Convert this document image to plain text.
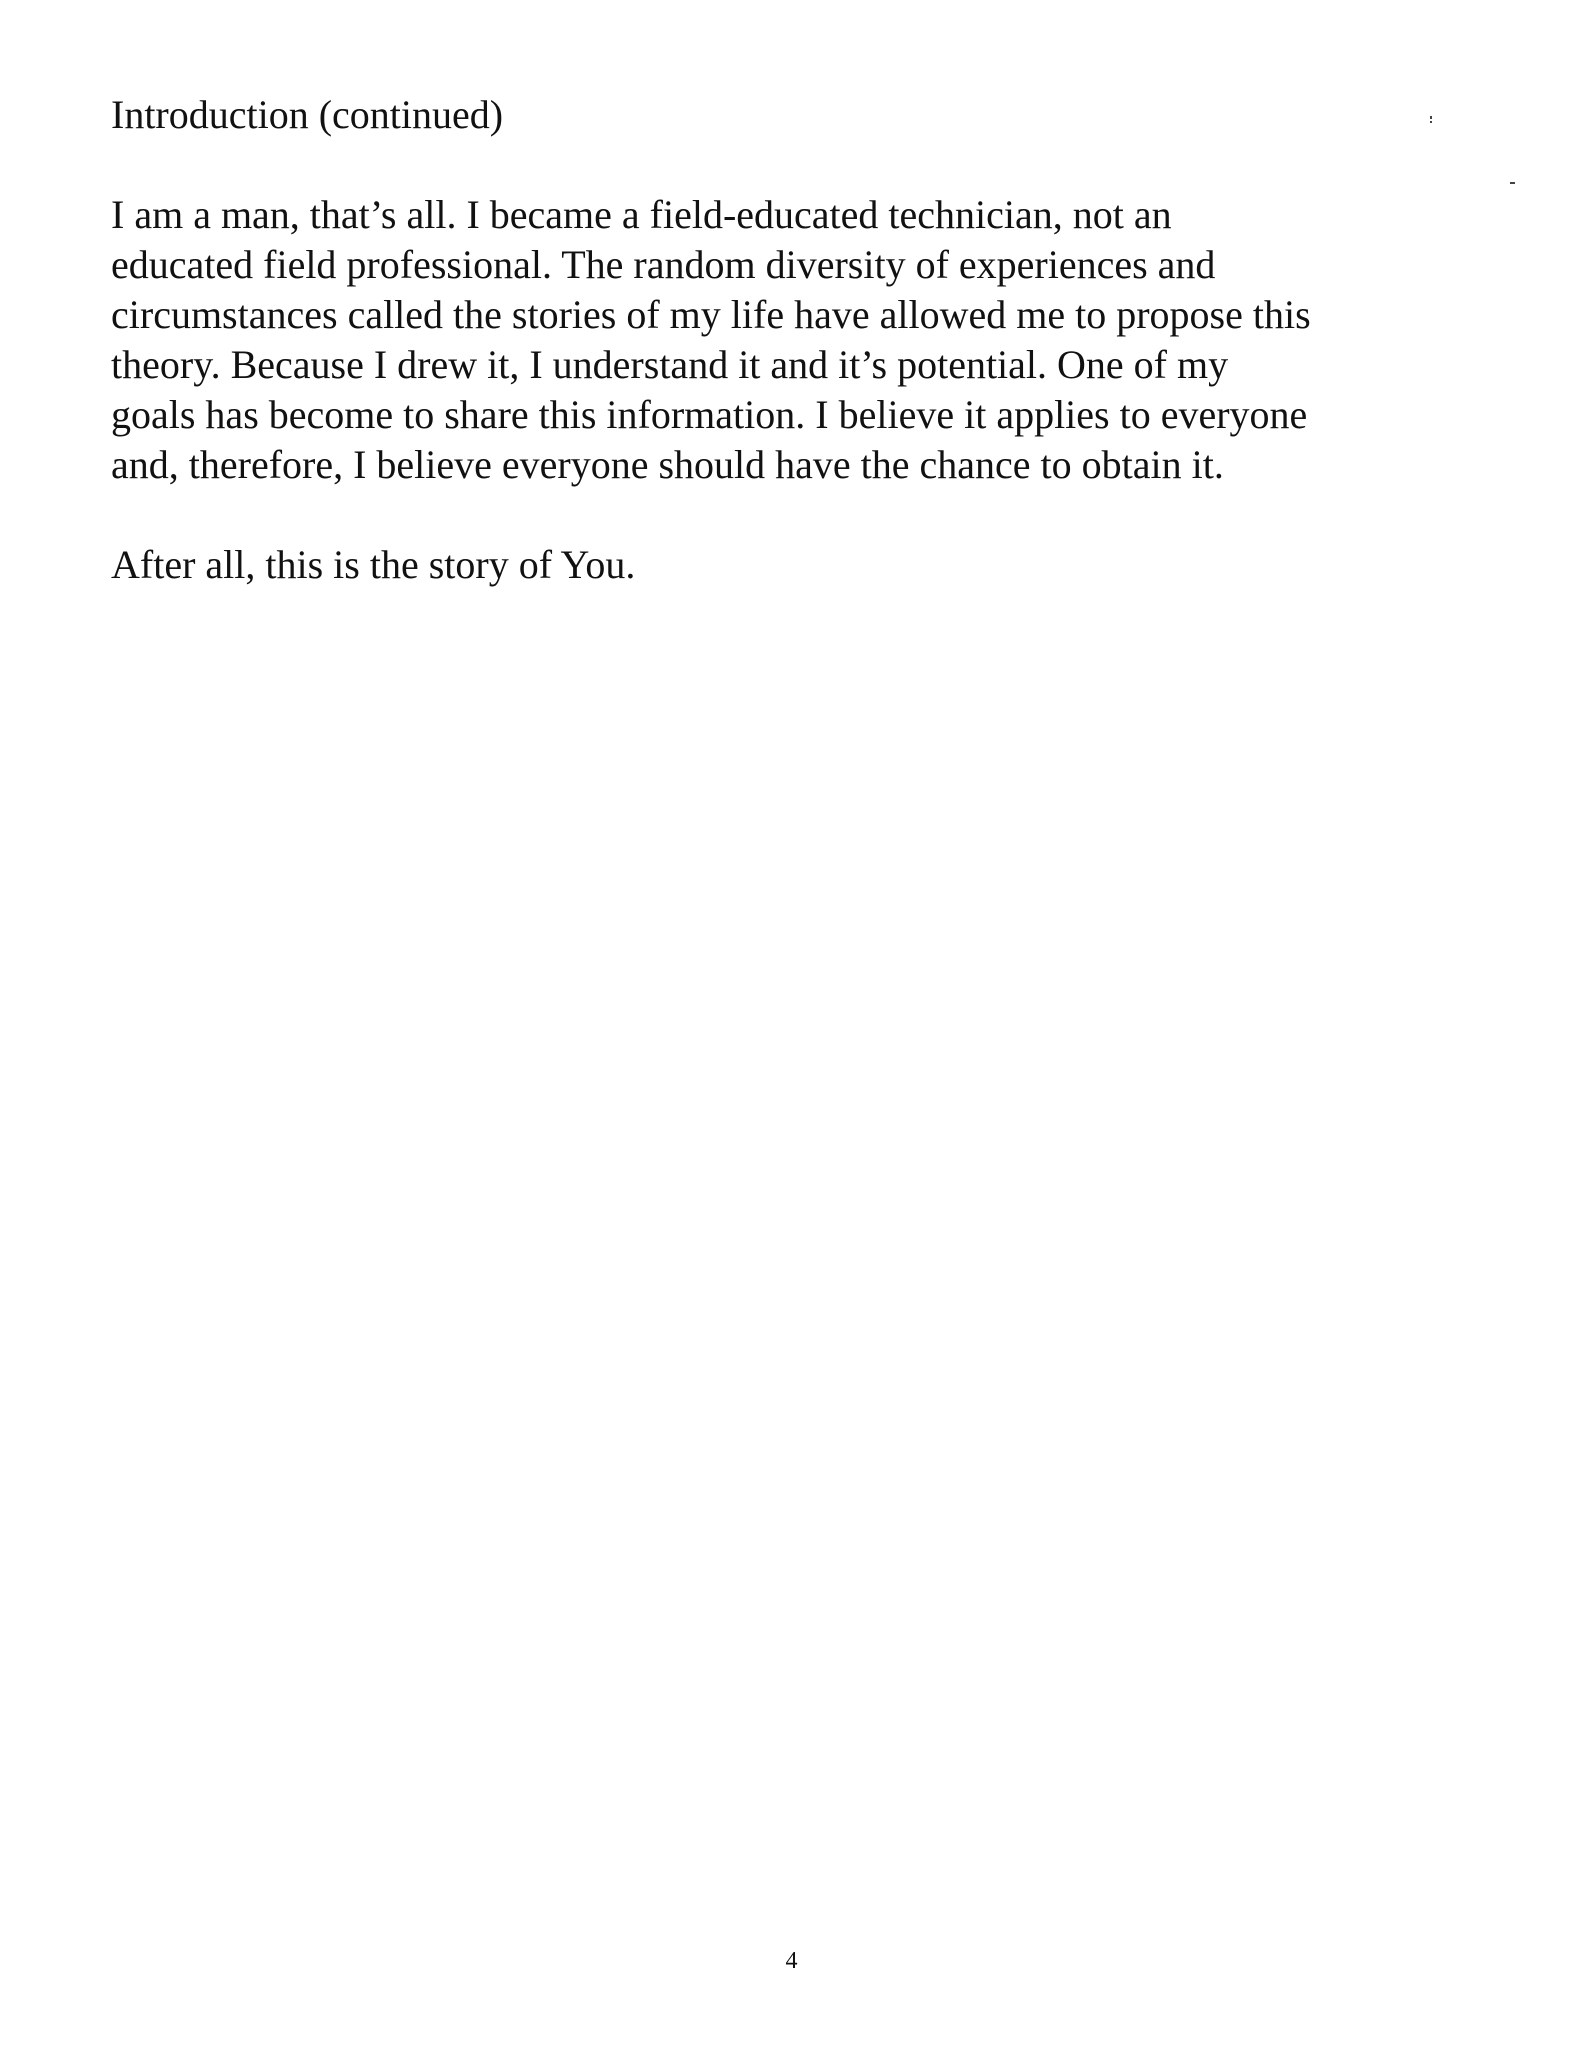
Introduction (continued)
I am a man, that’s all. I became a field-educated technician, not an
educated field professional. The random diversity of experiences and
circumstances called the stories of my life have allowed me to propose this
theory. Because I drew it, I understand it and it’s potential. One of my
goals has become to share this information. I believe it applies to everyone
and, therefore, I believe everyone should have the chance to obtain it.
After all, this is the story of You.
4
